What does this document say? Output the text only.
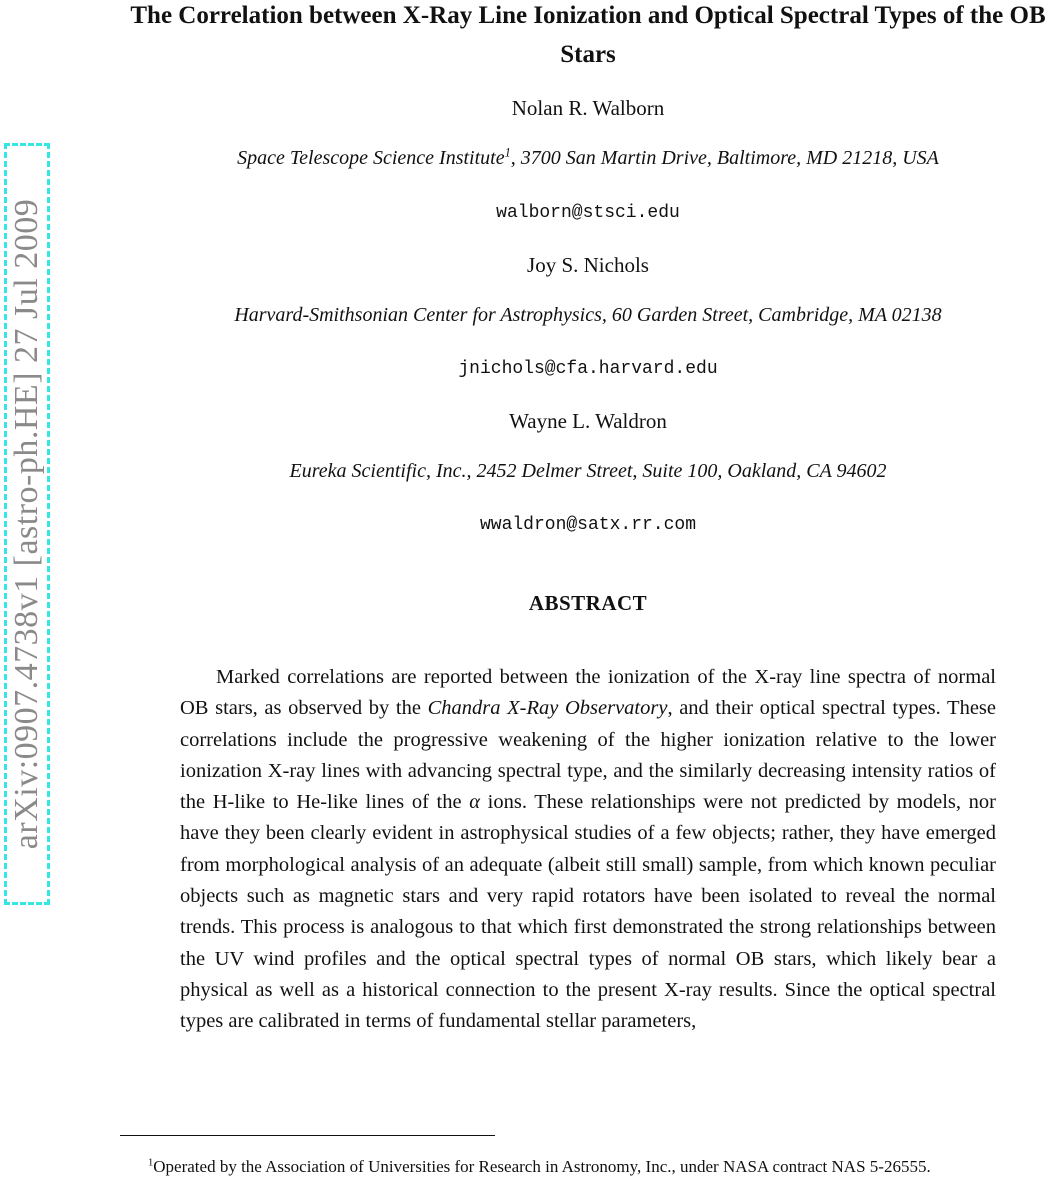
arXiv:0907.4738v1 [astro-ph.HE] 27 Jul 2009
The Correlation between X-Ray Line Ionization and Optical Spectral Types of the OB Stars

Nolan R. Walborn

Space Telescope Science Institute$^1$, 3700 San Martin Drive, Baltimore, MD 21218, USA

walborn@stsci.edu

Joy S. Nichols

Harvard-Smithsonian Center for Astrophysics, 60 Garden Street, Cambridge, MA 02138

jnichols@cfa.harvard.edu

Wayne L. Waldron

Eureka Scientific, Inc., 2452 Delmer Street, Suite 100, Oakland, CA 94602

wwaldron@satx.rr.com

ABSTRACT

Marked correlations are reported between the ionization of the X-ray line spectra of normal OB stars, as observed by the Chandra X-Ray Observatory, and their optical spectral types. These correlations include the progressive weakening of the higher ionization relative to the lower ionization X-ray lines with advancing spectral type, and the similarly decreasing intensity ratios of the H-like to He-like lines of the α ions. These relationships were not predicted by models, nor have they been clearly evident in astrophysical studies of a few objects; rather, they have emerged from morphological analysis of an adequate (albeit still small) sample, from which known peculiar objects such as magnetic stars and very rapid rotators have been isolated to reveal the normal trends. This process is analogous to that which first demonstrated the strong relationships between the UV wind profiles and the optical spectral types of normal OB stars, which likely bear a physical as well as a historical connection to the present X-ray results. Since the optical spectral types are calibrated in terms of fundamental stellar parameters,

$^1$Operated by the Association of Universities for Research in Astronomy, Inc., under NASA contract NAS 5-26555.
